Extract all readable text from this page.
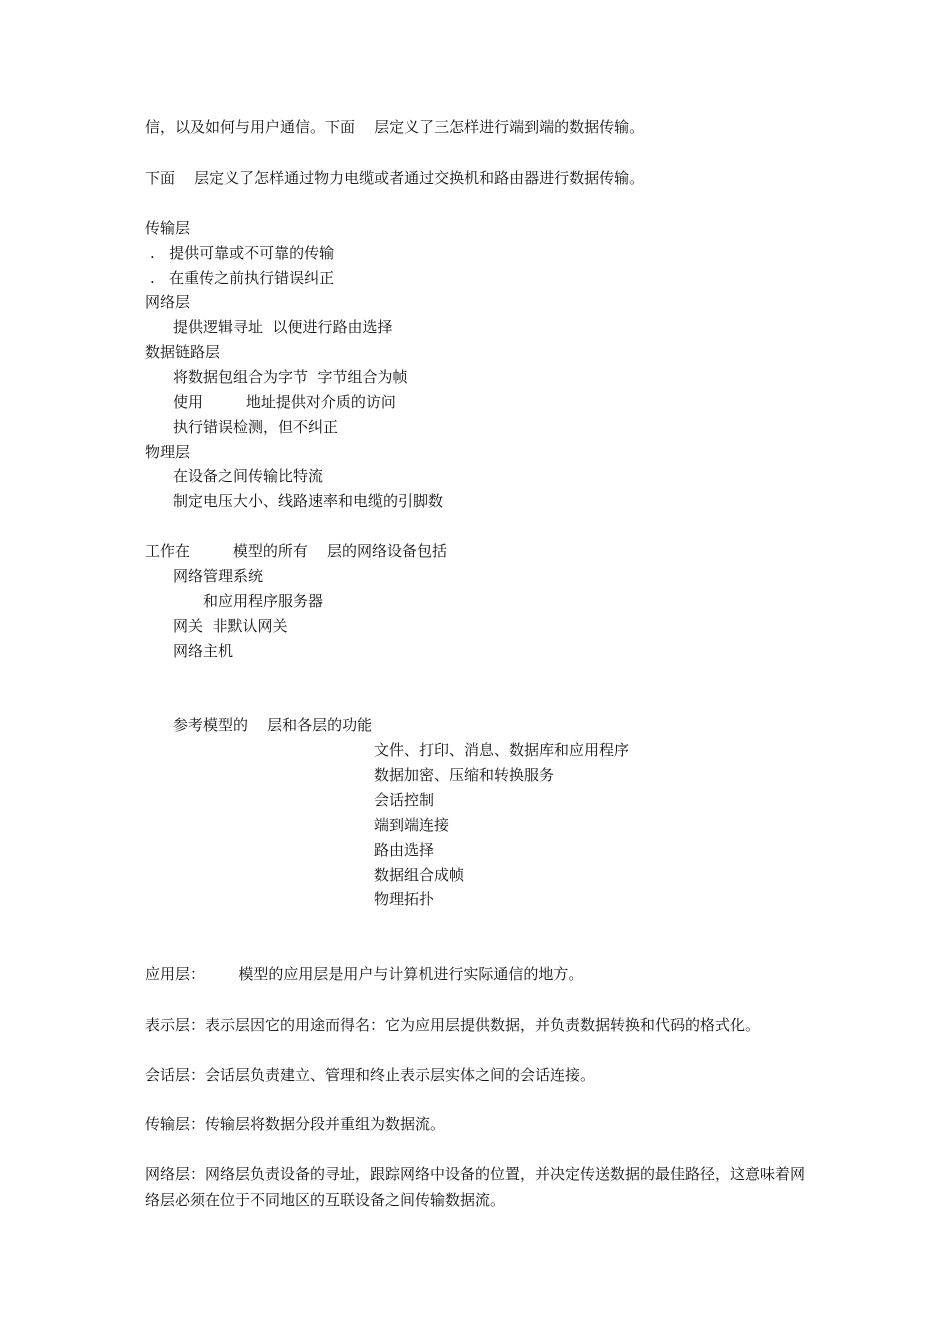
信，以及如何与用户通信。下面    层定义了三怎样进行端到端的数据传输。
下面    层定义了怎样通过物力电缆或者通过交换机和路由器进行数据传输。
传输层
.   提供可靠或不可靠的传输
.   在重传之前执行错误纠正
网络层
提供逻辑寻址  以便进行路由选择
数据链路层
将数据包组合为字节  字节组合为帧
使用         地址提供对介质的访问
执行错误检测，但不纠正
物理层
在设备之间传输比特流
制定电压大小、线路速率和电缆的引脚数
工作在         模型的所有    层的网络设备包括
网络管理系统
和应用程序服务器
网关  非默认网关
网络主机
参考模型的    层和各层的功能
文件、打印、消息、数据库和应用程序
数据加密、压缩和转换服务
会话控制
端到端连接
路由选择
数据组合成帧
物理拓扑
应用层：       模型的应用层是用户与计算机进行实际通信的地方。
表示层：表示层因它的用途而得名：它为应用层提供数据，并负责数据转换和代码的格式化。
会话层：会话层负责建立、管理和终止表示层实体之间的会话连接。
传输层：传输层将数据分段并重组为数据流。
网络层：网络层负责设备的寻址，跟踪网络中设备的位置，并决定传送数据的最佳路径，这意味着网络层必须在位于不同地区的互联设备之间传输数据流。
